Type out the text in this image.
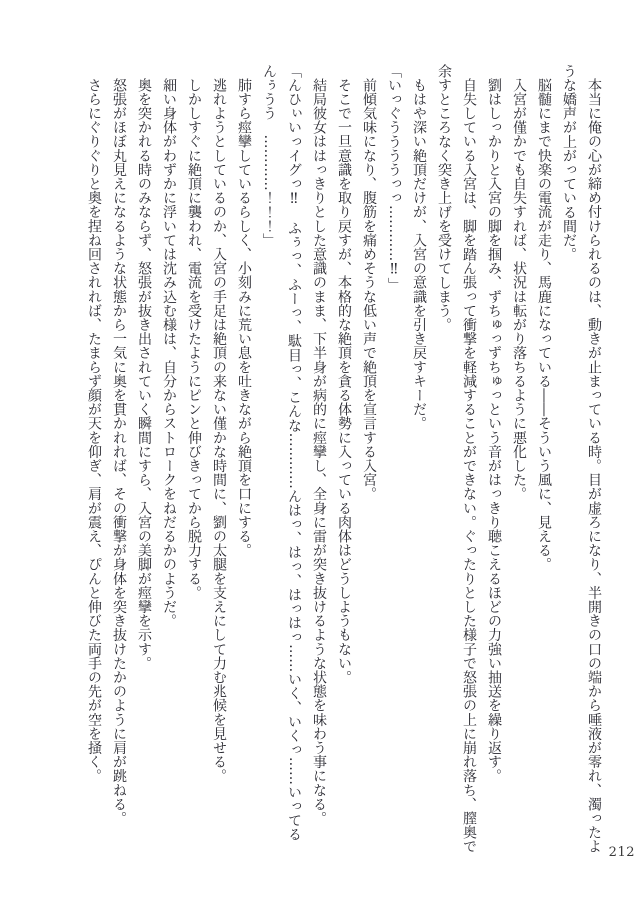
本当に俺の心が締め付けられるのは、動きが止まっている時。目が虚ろになり、半開きの口の端から唾液が零れ、濁ったような嬌声が上がっている間だ。

脳髄にまで快楽の電流が走り、馬鹿になっている――そういう風に、見える。

入宮が僅かでも自失すれば、状況は転がり落ちるように悪化した。

劉はしっかりと入宮の脚を掴み、ずちゅっずちゅっという音がはっきり聴こえるほどの力強い抽送を繰り返す。

自失している入宮は、脚を踏ん張って衝撃を軽減することができない。ぐったりとした様子で怒張の上に崩れ落ち、膣奥で余すところなく突き上げを受けてしまう。

もはや深い絶頂だけが、入宮の意識を引き戻すキーだ。

「いっぐううううっっ…………‼」

前傾気味になり、腹筋を痛めそうな低い声で絶頂を宣言する入宮。

そこで一旦意識を取り戻すが、本格的な絶頂を貪る体勢に入っている肉体はどうしようもない。

結局彼女ははっきりとした意識のまま、下半身が病的に痙攣し、全身に雷が突き抜けるような状態を味わう事になる。

「んひぃいっイグっ‼　ふぅっ、ふーっ、駄目っ、こんな…………んはっ、はっ、はっはっ……いく、いくっ……いってるんぅうう　…………！！！」

肺すら痙攣しているらしく、小刻みに荒い息を吐きながら絶頂を口にする。

逃れようとしているのか、入宮の手足は絶頂の来ない僅かな時間に、劉の太腿を支えにして力む兆候を見せる。

しかしすぐに絶頂に襲われ、電流を受けたようにピンと伸びきってから脱力する。

細い身体がわずかに浮いては沈み込む様は、自分からストロークをねだるかのようだ。

奥を突かれる時のみならず、怒張が抜き出されていく瞬間にすら、入宮の美脚が痙攣を示す。

怒張がほぼ丸見えになるような状態から一気に奥を貫かれれば、その衝撃が身体を突き抜けたかのように肩が跳ねる。

さらにぐりぐりと奥を捏ね回されれば、たまらず顔が天を仰ぎ、肩が震え、ぴんと伸びた両手の先が空を掻く。

212
